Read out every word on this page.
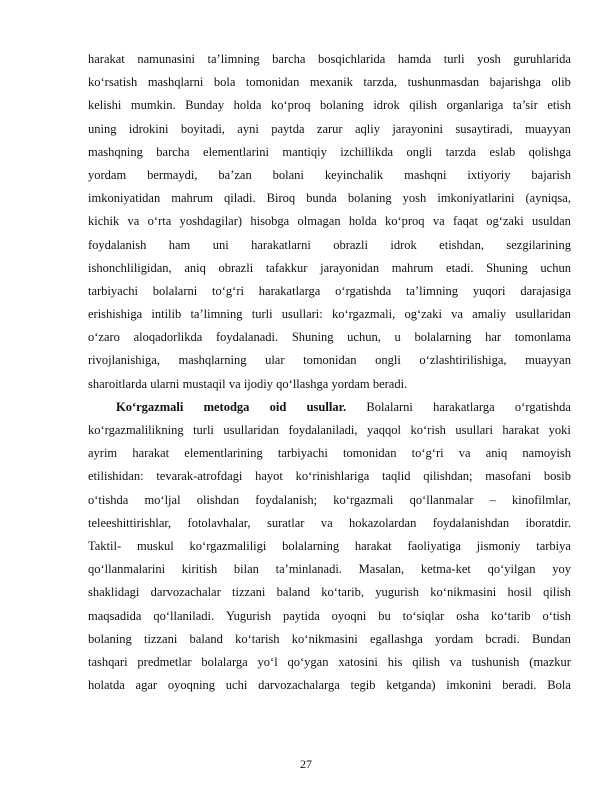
harakat namunasini ta’limning barcha bosqichlarida hamda turli yosh guruhlarida
ko‘rsatish mashqlarni bola tomonidan mexanik tarzda, tushunmasdan bajarishga olib
kelishi mumkin. Bunday holda ko‘proq bolaning idrok qilish organlariga ta’sir etish
uning idrokini boyitadi, ayni paytda zarur aqliy jarayonini susaytiradi, muayyan
mashqning barcha elementlarini mantiqiy izchillikda ongli tarzda eslab qolishga
yordam bermaydi, ba’zan bolani keyinchalik mashqni ixtiyoriy bajarish
imkoniyatidan mahrum qiladi. Biroq bunda bolaning yosh imkoniyatlarini (ayniqsa,
kichik va o‘rta yoshdagilar) hisobga olmagan holda ko‘proq va faqat og‘zaki usuldan
foydalanish ham uni harakatlarni obrazli idrok etishdan, sezgilarining
ishonchliligidan, aniq obrazli tafakkur jarayonidan mahrum etadi. Shuning uchun
tarbiyachi bolalarni to‘g‘ri harakatlarga o‘rgatishda ta’limning yuqori darajasiga
erishishiga intilib ta’limning turli usullari: ko‘rgazmali, og‘zaki va amaliy usullaridan
o‘zaro aloqadorlikda foydalanadi. Shuning uchun, u bolalarning har tomonlama
rivojlanishiga, mashqlarning ular tomonidan ongli o‘zlashtirilishiga, muayyan
sharoitlarda ularni mustaqil va ijodiy qo‘llashga yordam beradi.
Ko‘rgazmali metodga oid usullar. Bolalarni harakatlarga o‘rgatishda
ko‘rgazmalilikning turli usullaridan foydalaniladi, yaqqol ko‘rish usullari harakat yoki
ayrim harakat elementlarining tarbiyachi tomonidan to‘g‘ri va aniq namoyish
etilishidan: tevarak-atrofdagi hayot ko‘rinishlariga taqlid qilishdan; masofani bosib
o‘tishda mo‘ljal olishdan foydalanish; ko‘rgazmali qo‘llanmalar – kinofilmlar,
teleeshittirishlar, fotolavhalar, suratlar va hokazolardan foydalanishdan iboratdir.
Taktil- muskul ko‘rgazmaliligi bolalarning harakat faoliyatiga jismoniy tarbiya
qo‘llanmalarini kiritish bilan ta’minlanadi. Masalan, ketma-ket qo‘yilgan yoy
shaklidagi darvozachalar tizzani baland ko‘tarib, yugurish ko‘nikmasini hosil qilish
maqsadida qo‘llaniladi. Yugurish paytida oyoqni bu to‘siqlar osha ko‘tarib o‘tish
bolaning tizzani baland ko‘tarish ko‘nikmasini egallashga yordam bcradi. Bundan
tashqari predmetlar bolalarga yo‘l qo‘ygan xatosini his qilish va tushunish (mazkur
holatda agar oyoqning uchi darvozachalarga tegib ketganda) imkonini beradi. Bola
27
